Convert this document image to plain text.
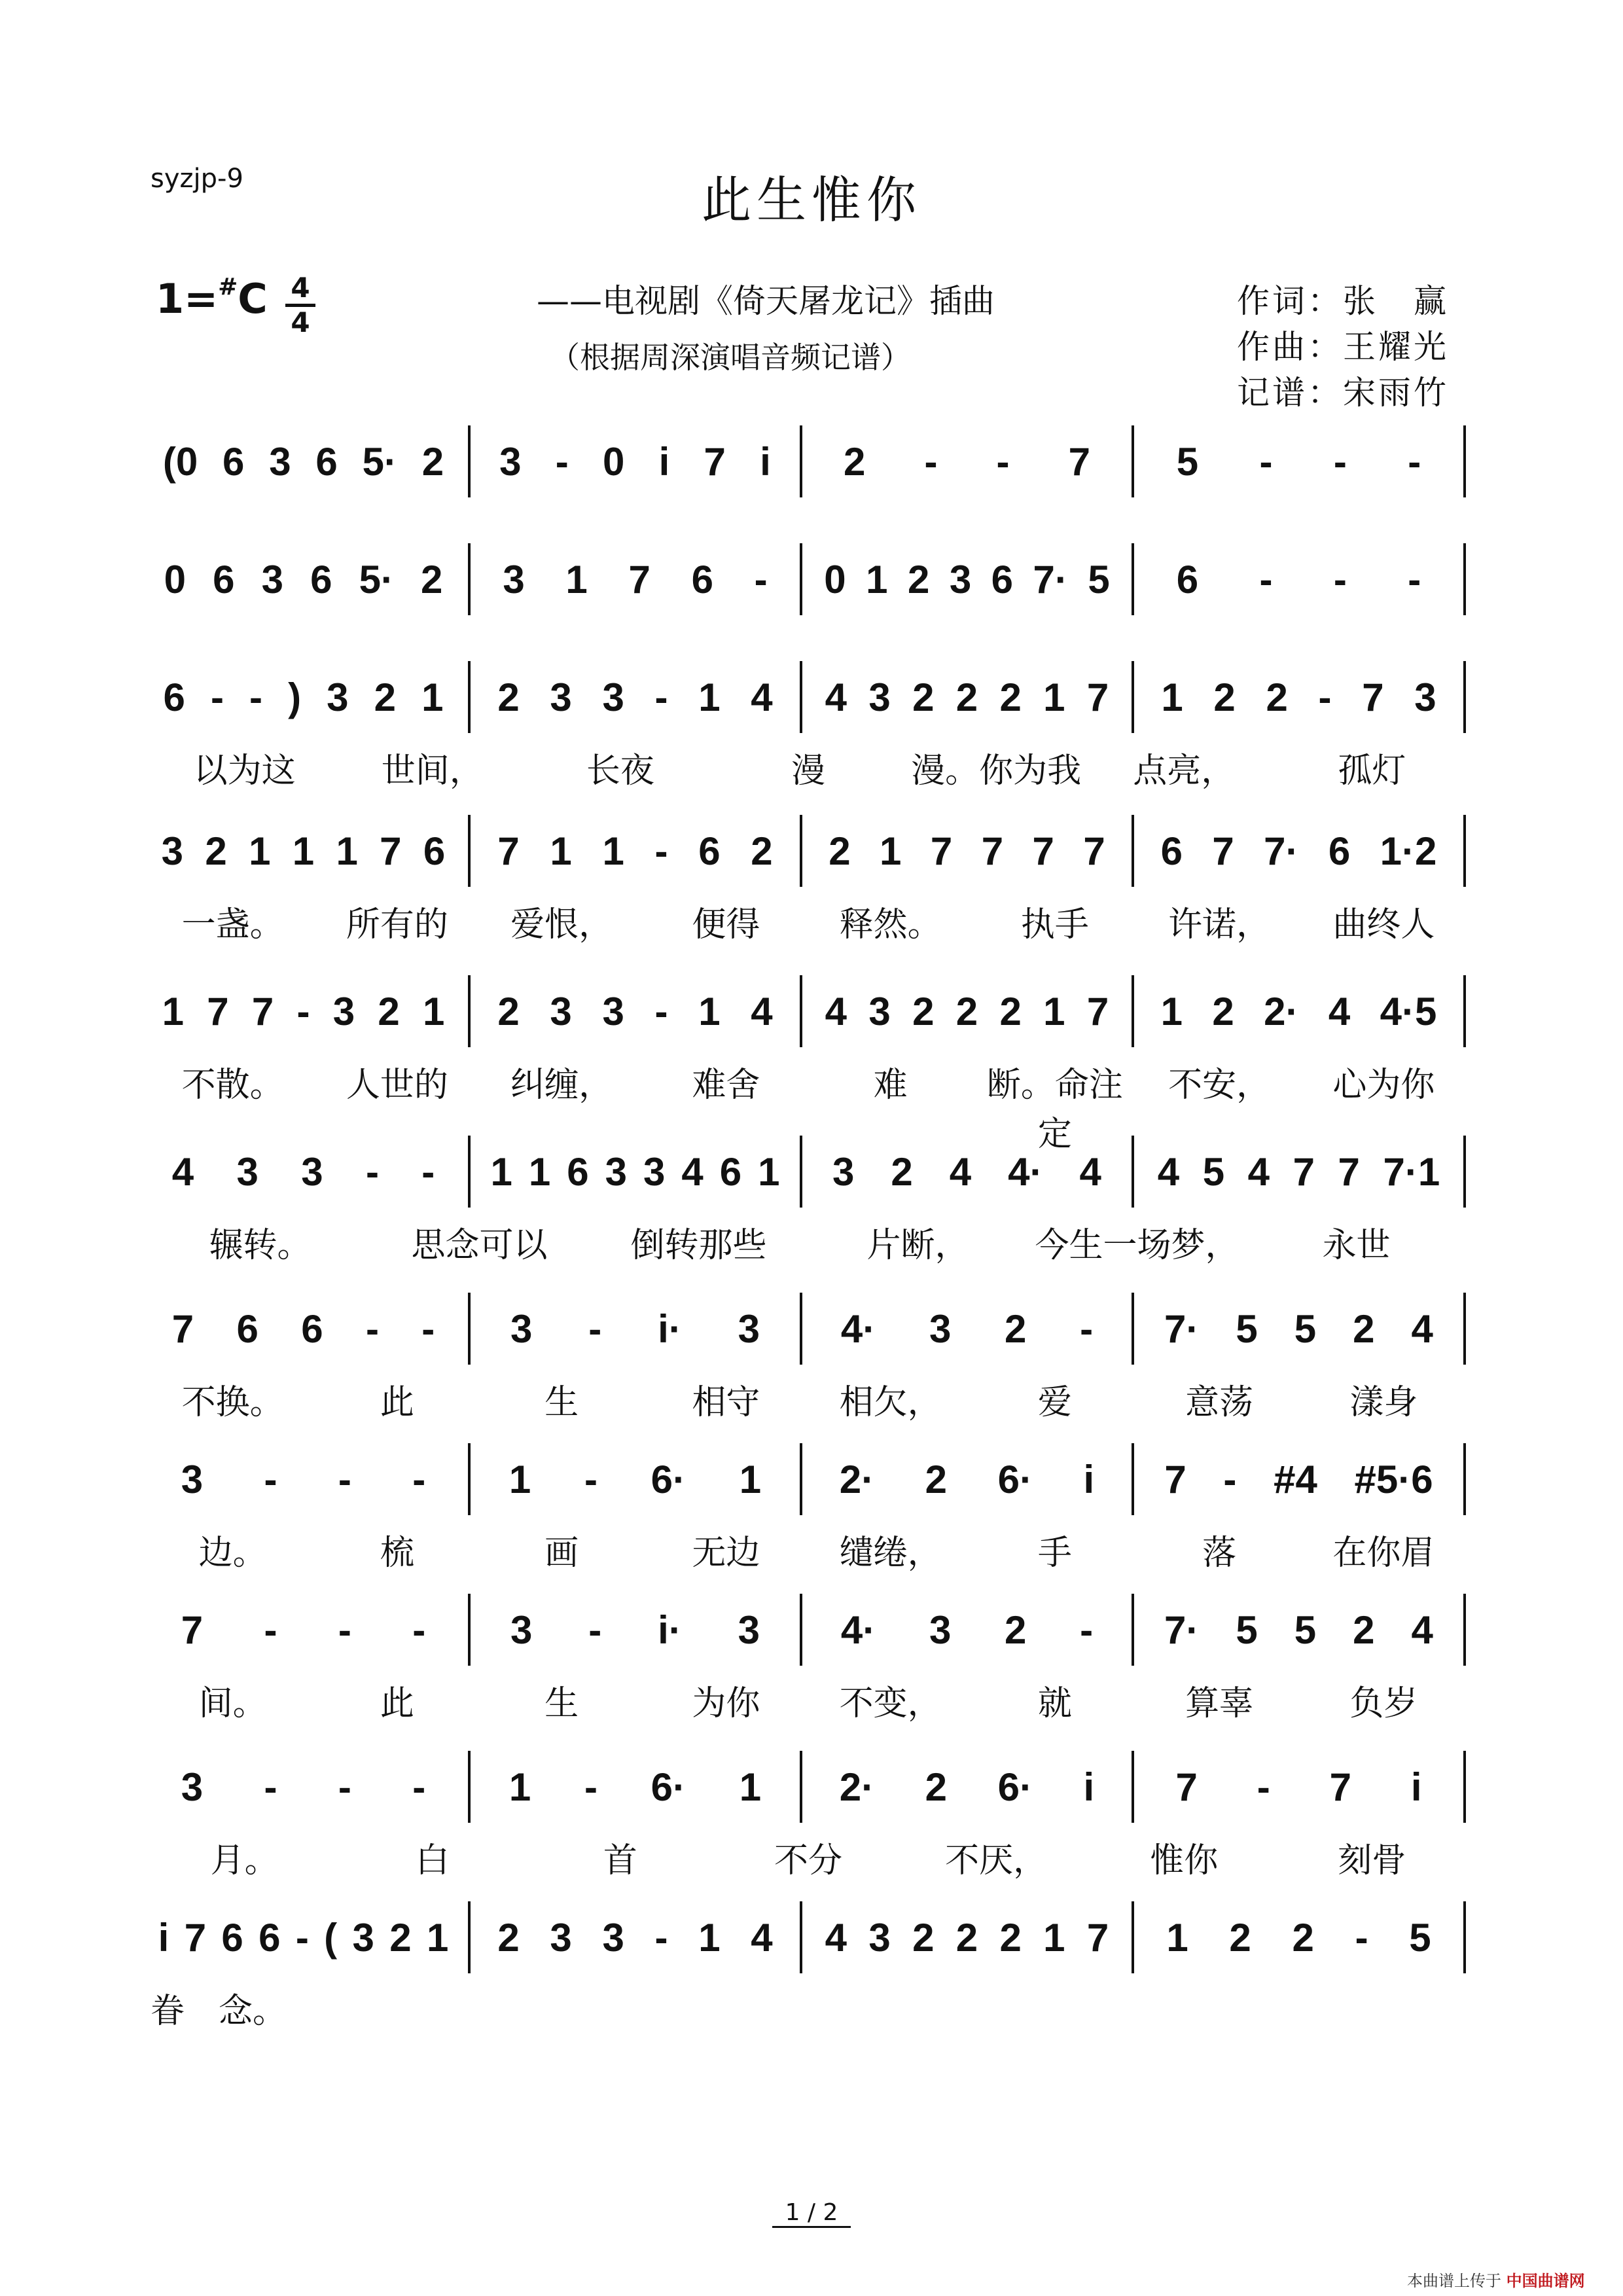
syzjp-9	此生惟你
1=#C 4
4
——电视剧《倚天屠龙记》插曲
（根据周深演唱音频记谱）
作词：张　赢
作曲：王耀光
记谱：宋雨竹
(0 6 3 6 5· 2 3 - 0 i 7 i 2 - - 7 5 - - -
0 6 3 6 5· 2 3 1 7 6 - 0 1 2 3 6 7· 5 6 - - -
6 - - ) 3 2 1 2 3 3 - 1 4 4 3 2 2 2 1 7 1 2 2 - 7 3
以为这	世间，	长夜	漫	漫。你为我	点亮，	孤灯
3 2 1 1 1 7 6 7 1 1 - 6 2 2 1 7 7 7 7 6 7 7· 6 1·2
一盏。	所有的	爱恨，	便得	释然。	执手	许诺，	曲终人
1 7 7 - 3 2 1 2 3 3 - 1 4 4 3 2 2 2 1 7 1 2 2· 4 4·5
不散。	人世的	纠缠，	难舍	难	断。命注定
不安，	心为你
4 3 3 - - 1 1 6 3 3 4 6 1 3 2 4 4· 4 4 5 4 7 7 7·1
辗转。	思念可以	倒转那些	片断，	今生一场梦，	永世
7 6 6 - - 3 - i· 3 4· 3 2 - 7· 5 5 2 4
不换。	此	生	相守	相欠，	爱	意荡	漾身
3 - - - 1 - 6· 1 2· 2 6· i 7 - #4 #5·6
边。	梳	画	无边	缱绻，	手	落	在你眉
7 - - - 3 - i· 3 4· 3 2 - 7· 5 5 2 4
间。	此	生	为你	不变，	就	算辜	负岁
3 - - - 1 - 6· 1 2· 2 6· i 7 - 7 i
月。	白	首	不分	不厌，	惟你	刻骨
i 7 6 6 - ( 3 2 1 2 3 3 - 1 4 4 3 2 2 2 1 7 1 2 2 - 5
眷　念。
1 / 2
本曲谱上传于 中国曲谱网
